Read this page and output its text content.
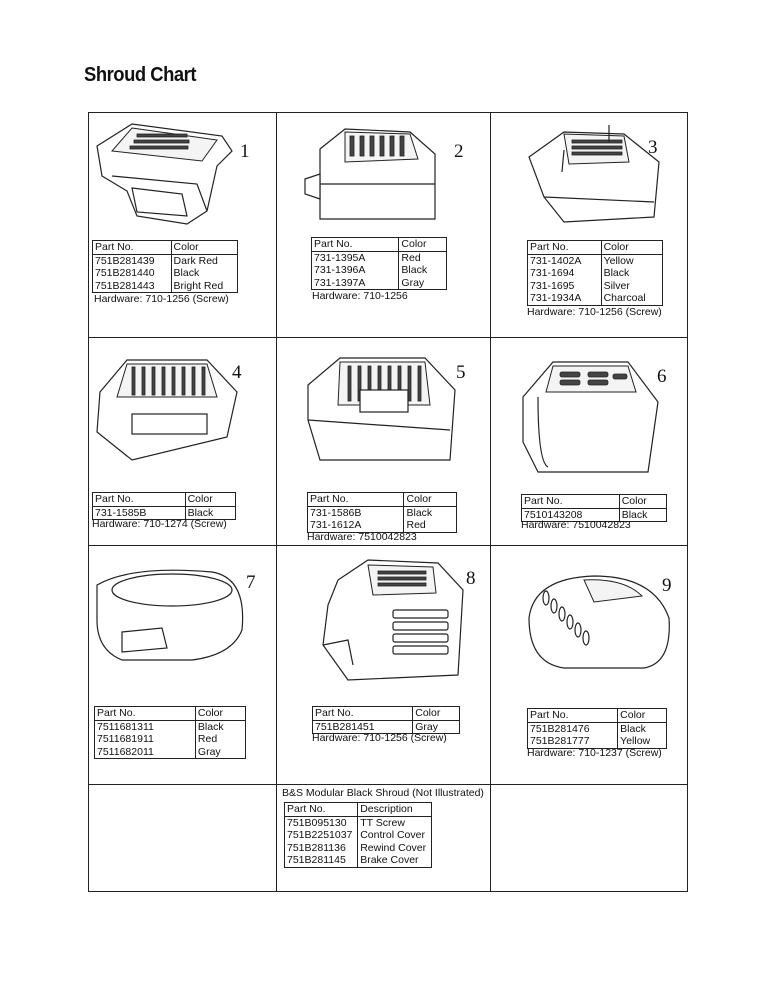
Shroud Chart
1
Part No.	Color
751B281439	Dark Red
751B281440	Black
751B281443	Bright Red
Hardware: 710-1256 (Screw)
2
Part No.	Color
731-1395A	Red
731-1396A	Black
731-1397A	Gray
Hardware: 710-1256
3
Part No.	Color
731-1402A	Yellow
731-1694	Black
731-1695	Silver
731-1934A	Charcoal
Hardware: 710-1256 (Screw)
4
Part No.	Color
731-1585B	Black
Hardware: 710-1274 (Screw)
5
Part No.	Color
731-1586B	Black
731-1612A	Red
Hardware: 7510042823
6
Part No.	Color
7510143208	Black
Hardware: 7510042823
7
Part No.	Color
7511681311	Black
7511681911	Red
7511682011	Gray
8
Part No.	Color
751B281451	Gray
Hardware: 710-1256 (Screw)
9
Part No.	Color
751B281476	Black
751B281777	Yellow
Hardware: 710-1237 (Screw)
B&S Modular Black Shroud (Not Illustrated)
Part No.	Description
751B095130	TT Screw
751B2251037	Control Cover
751B281136	Rewind Cover
751B281145	Brake Cover
